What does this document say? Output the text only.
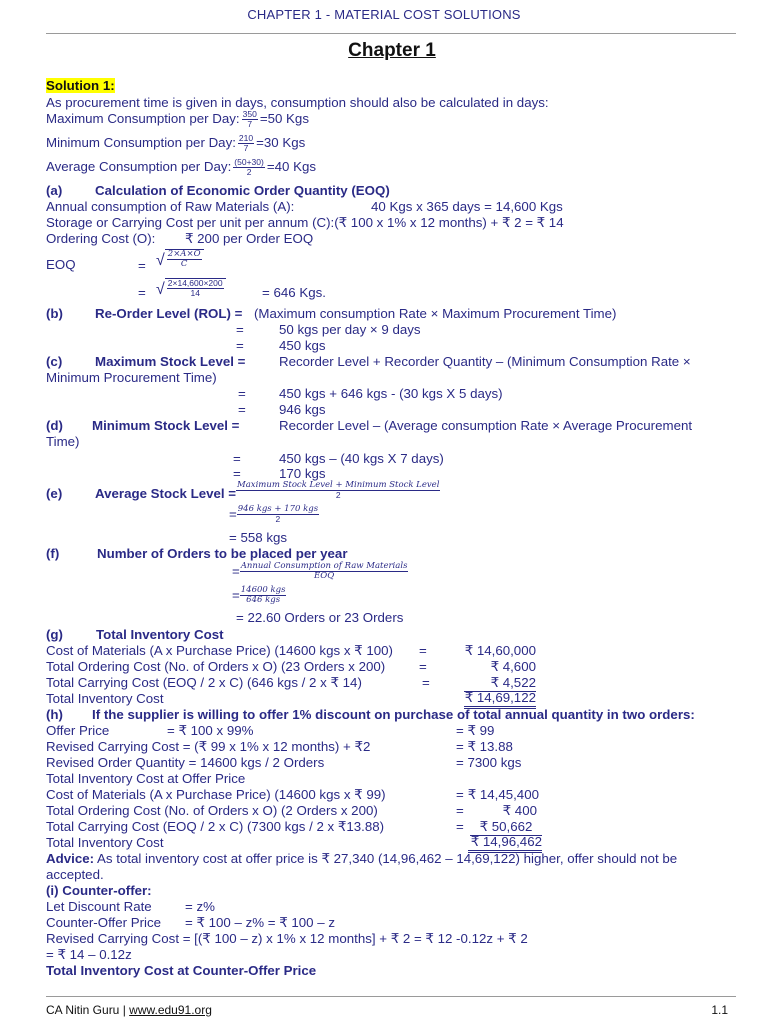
CHAPTER 1 - MATERIAL COST SOLUTIONS
Chapter 1
Solution 1:
As procurement time is given in days, consumption should also be calculated in days:
Maximum Consumption per Day: $\frac{350}{7} =50$ Kgs
Minimum Consumption per Day: $\frac{210}{7} =30$ Kgs
Average Consumption per Day: $\frac{(50+30)}{2} =40$ Kgs
(a) Calculation of Economic Order Quantity (EOQ)
Annual consumption of Raw Materials (A):	40 Kgs x 365 days = 14,600 Kgs
Storage or Carrying Cost per unit per annum (C):(₹ 100 x 1% x 12 months) + ₹ 2 = ₹ 14
Ordering Cost (O): ₹ 200 per Order EOQ
EOQ	= √ $\frac{2\times A\times O}{C}$
= √ $\frac{2\times 14,600\times 200}{14}$	= 646 Kgs.
(b) Re-Order Level (ROL) = (Maximum consumption Rate × Maximum Procurement Time)
=	50 kgs per day × 9 days
=	450 kgs
(c) Maximum Stock Level =	Recorder Level + Recorder Quantity – (Minimum Consumption Rate ×
Minimum Procurement Time)
= 450 kgs + 646 kgs - (30 kgs X 5 days)
= 946 kgs
(d) Minimum Stock Level =	Recorder Level – (Average consumption Rate × Average Procurement
Time)
=	450 kgs – (40 kgs X 7 days)
=	170 kgs
(e) Average Stock Level = $\frac{\text{Maximum Stock Level + Minimum Stock Level}}{2}$
= $\frac{\text{946 kgs + 170 kgs}}{2}$
= 558 kgs
(f)	Number of Orders to be placed per year
= $\frac{\text{Annual Consumption of Raw Materials}}{\text{EOQ}}$
= $\frac{\text{14600 kgs}}{\text{646 kgs}}$
= 22.60 Orders or 23 Orders
(g) Total Inventory Cost
Cost of Materials (A x Purchase Price) (14600 kgs x ₹ 100) =	₹ 14,60,000
Total Ordering Cost (No. of Orders x O) (23 Orders x 200)	=	₹ 4,600
Total Carrying Cost (EOQ / 2 x C) (646 kgs / 2 x ₹ 14)	=	₹ 4,522
Total Inventory Cost	₹ 14,69,122
(h) If the supplier is willing to offer 1% discount on purchase of total annual quantity in two orders:
Offer Price	= ₹ 100 x 99%	= ₹ 99
Revised Carrying Cost = (₹ 99 x 1% x 12 months) + ₹2	= ₹ 13.88
Revised Order Quantity = 14600 kgs / 2 Orders	= 7300 kgs
Total Inventory Cost at Offer Price
Cost of Materials (A x Purchase Price) (14600 kgs x ₹ 99)	= ₹ 14,45,400
Total Ordering Cost (No. of Orders x O) (2 Orders x 200)	=	₹ 400
Total Carrying Cost (EOQ / 2 x C) (7300 kgs / 2 x ₹13.88)	=	₹ 50,662
Total Inventory Cost	₹ 14,96,462
Advice: As total inventory cost at offer price is ₹ 27,340 (14,96,462 – 14,69,122) higher, offer should not be
accepted.
(i) Counter-offer:
Let Discount Rate	= z%
Counter-Offer Price = ₹ 100 – z% = ₹ 100 – z
Revised Carrying Cost = [(₹ 100 – z) x 1% x 12 months] + ₹ 2 = ₹ 12 -0.12z + ₹ 2
= ₹ 14 – 0.12z
Total Inventory Cost at Counter-Offer Price
CA Nitin Guru | www.edu91.org	1.1
